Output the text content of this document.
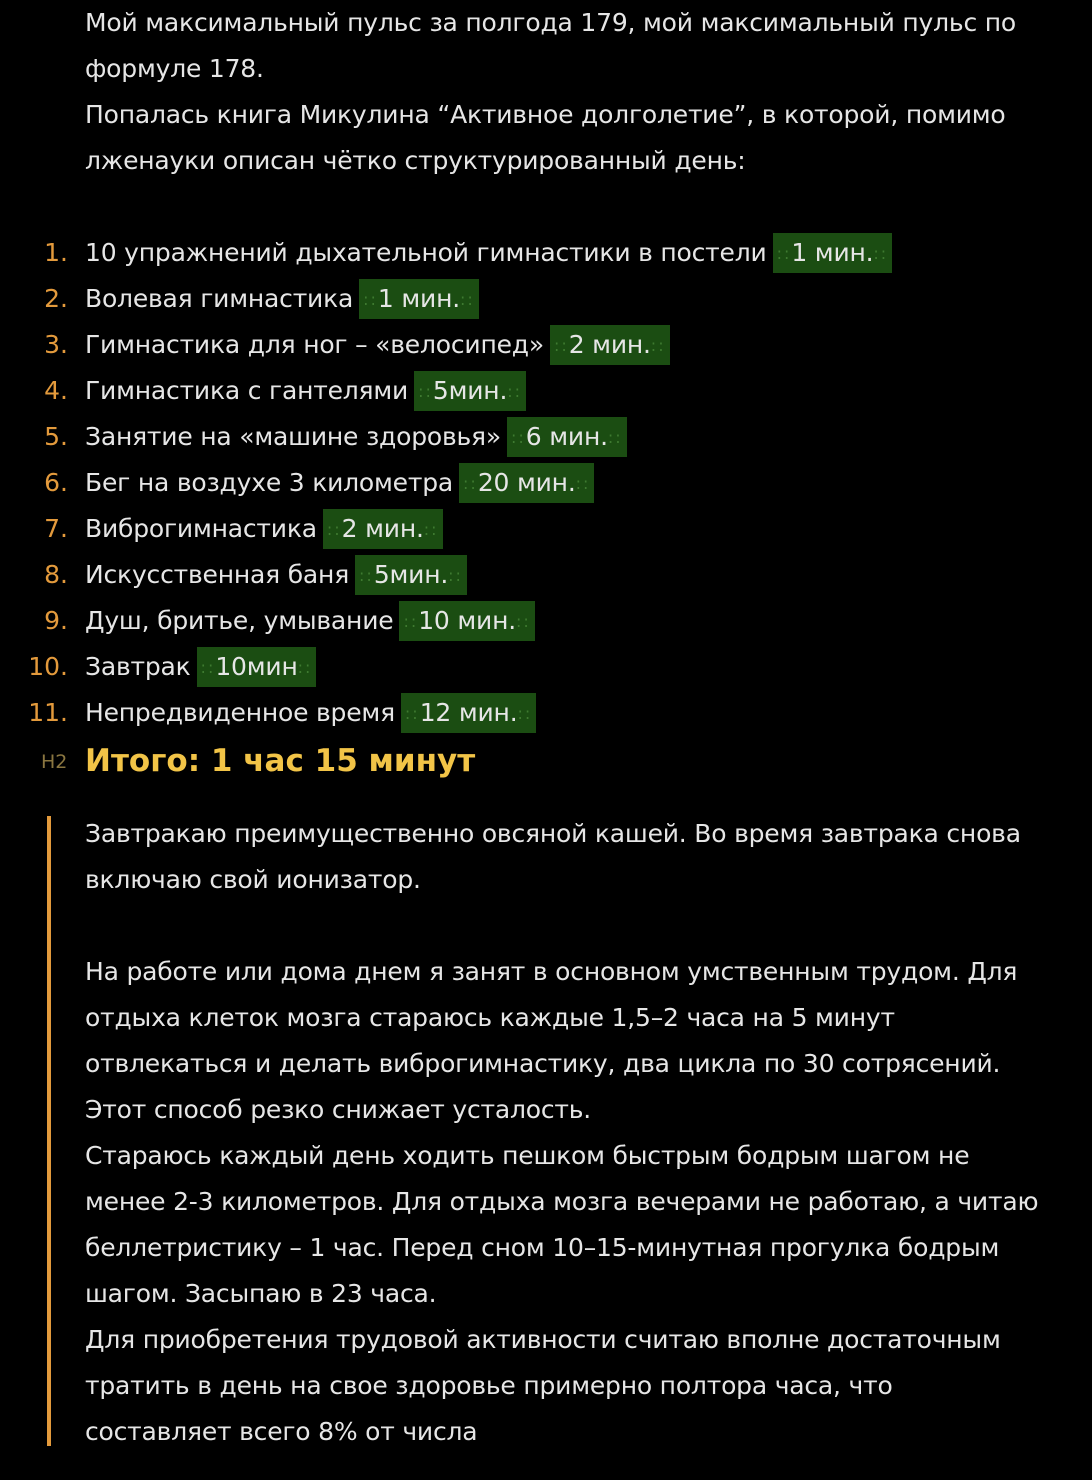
Мой максимальный пульс за полгода 179, мой максимальный пульс по
формуле 178.
Попалась книга Микулина “Активное долголетие”, в которой, помимо
лженауки описан чётко структурированный день:
1. 10 упражнений дыхательной гимнастики в постели ::1 мин.::
2. Волевая гимнастика ::1 мин.::
3. Гимнастика для ног – «велосипед» ::2 мин.::
4. Гимнастика с гантелями ::5мин.::
5. Занятие на «машине здоровья» ::6 мин.::
6. Бег на воздухе 3 километра ::20 мин.::
7. Виброгимнастика ::2 мин.::
8. Искусственная баня ::5мин.::
9. Душ, бритье, умывание ::10 мин.::
10. Завтрак ::10мин::
11. Непредвиденное время ::12 мин.::
H2 Итого: 1 час 15 минут
Завтракаю преимущественно овсяной кашей. Во время завтрака снова
включаю свой ионизатор.
На работе или дома днем я занят в основном умственным трудом. Для
отдыха клеток мозга стараюсь каждые 1,5–2 часа на 5 минут
отвлекаться и делать виброгимнастику, два цикла по 30 сотрясений.
Этот способ резко снижает усталость.
Стараюсь каждый день ходить пешком быстрым бодрым шагом не
менее 2-3 километров. Для отдыха мозга вечерами не работаю, а читаю
беллетристику – 1 час. Перед сном 10–15-минутная прогулка бодрым
шагом. Засыпаю в 23 часа.
Для приобретения трудовой активности считаю вполне достаточным
тратить в день на свое здоровье примерно полтора часа, что
составляет всего 8% от числа
